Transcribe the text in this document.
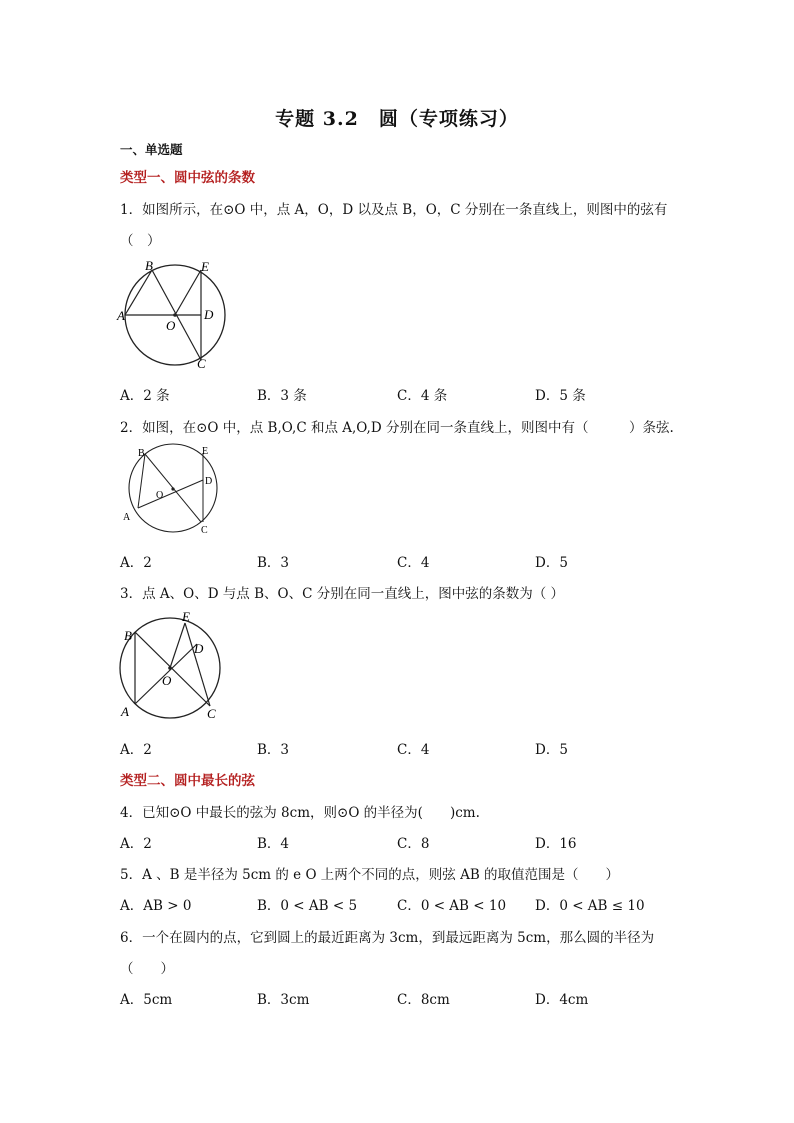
专题 3.2　圆（专项练习）
一、单选题
类型一、圆中弦的条数
1．如图所示，在⊙O 中，点 A，O，D 以及点 B，O，C 分别在一条直线上，则图中的弦有
（　）
A
B	E
D
O
C
A．2 条	B．3 条	C．4 条	D．5 条
2．如图，在⊙O 中，点 B,O,C 和点 A,O,D 分别在同一条直线上，则图中有（　　　）条弦.
B	E
D
O
A
C
A．2	B．3	C．4	D．5
3．点 A、O、D 与点 B、O、C 分别在同一直线上，图中弦的条数为（ ）
B
E
D
O
A	C
A．2	B．3	C．4	D．5
类型二、圆中最长的弦
4．已知⊙O 中最长的弦为 8cm，则⊙O 的半径为(　　)cm.
A．2	B．4	C．8	D．16
5．A 、B 是半径为 5cm 的 e O 上两个不同的点，则弦 AB 的取值范围是（　　）
A．AB > 0	B．0 < AB < 5	C．0 < AB < 10 D．0 < AB ≤ 10
6．一个在圆内的点，它到圆上的最近距离为 3cm，到最远距离为 5cm，那么圆的半径为
（　　）
A．5cm	B．3cm	C．8cm	D．4cm
